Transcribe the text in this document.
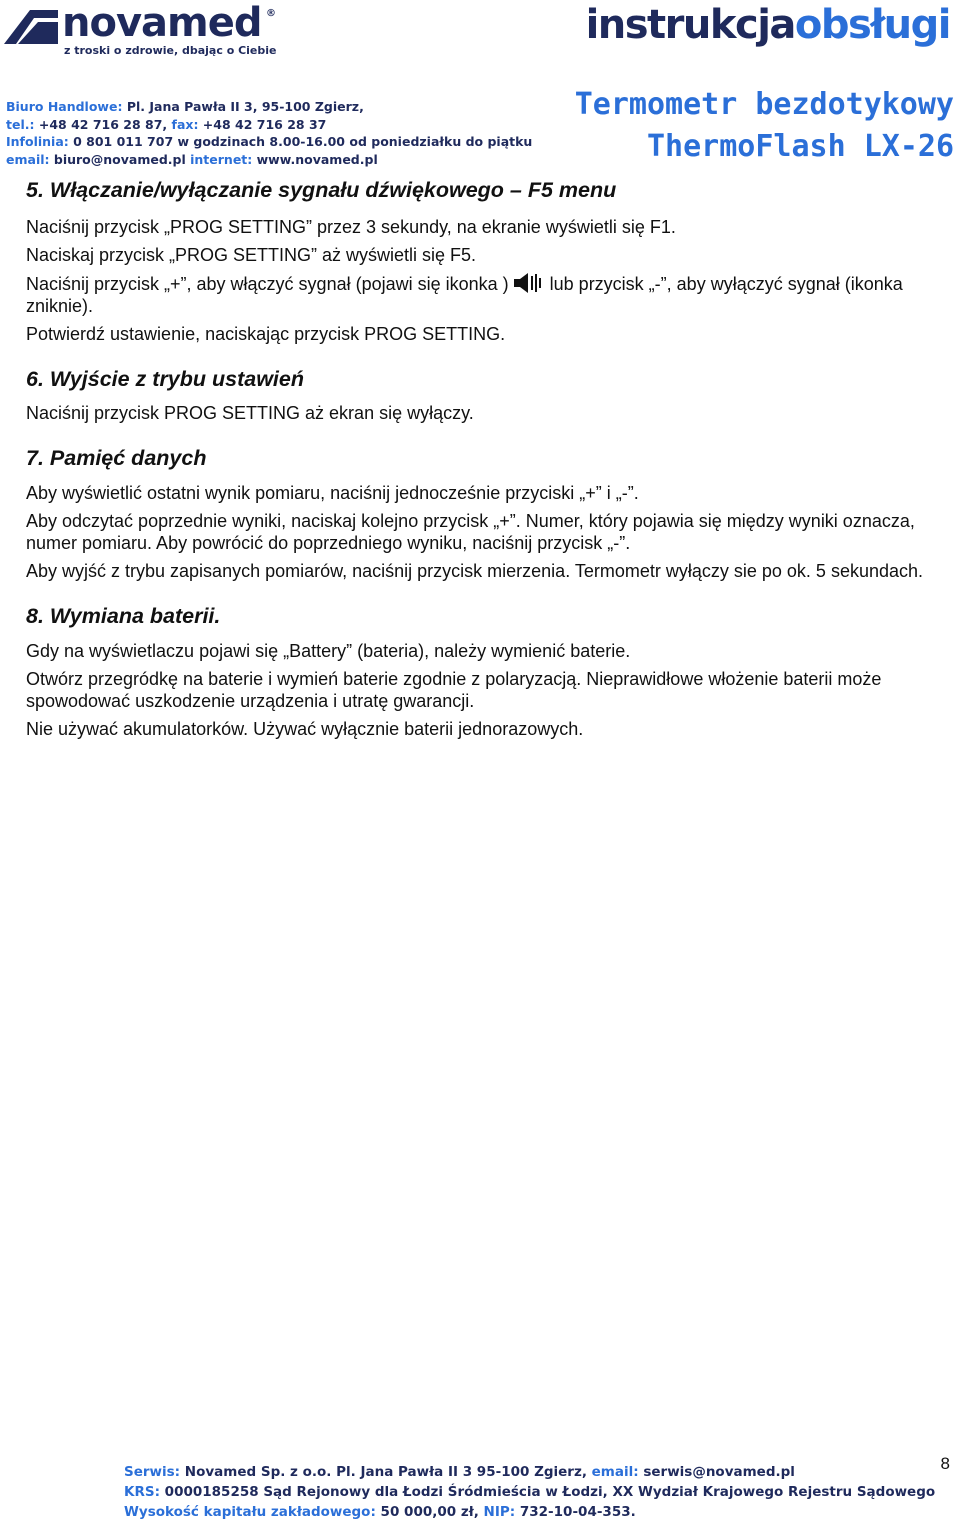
novamed ®
z troski o zdrowie, dbając o Ciebie
instrukcjaobsługi
Biuro Handlowe: Pl. Jana Pawła II 3, 95-100 Zgierz,
tel.: +48 42 716 28 87, fax: +48 42 716 28 37
Infolinia: 0 801 011 707 w godzinach 8.00-16.00 od poniedziałku do piątku
email: biuro@novamed.pl internet: www.novamed.pl
Termometr bezdotykowy
ThermoFlash LX-26
5. Włączanie/wyłączanie sygnału dźwiękowego – F5 menu

Naciśnij przycisk „PROG SETTING” przez 3 sekundy, na ekranie wyświetli się F1.

Naciskaj przycisk „PROG SETTING” aż wyświetli się F5.

Naciśnij przycisk „+”, aby włączyć sygnał (pojawi się ikonka ) lub przycisk „-”, aby wyłączyć sygnał (ikonka zniknie).

Potwierdź ustawienie, naciskając przycisk PROG SETTING.

6. Wyjście z trybu ustawień

Naciśnij przycisk PROG SETTING aż ekran się wyłączy.

7. Pamięć danych

Aby wyświetlić ostatni wynik pomiaru, naciśnij jednocześnie przyciski „+” i „-”.

Aby odczytać poprzednie wyniki, naciskaj kolejno przycisk „+”. Numer, który pojawia się między wyniki oznacza, numer pomiaru. Aby powrócić do poprzedniego wyniku, naciśnij przycisk „-”.

Aby wyjść z trybu zapisanych pomiarów, naciśnij przycisk mierzenia. Termometr wyłączy sie po ok. 5 sekundach.

8. Wymiana baterii.

Gdy na wyświetlaczu pojawi się „Battery” (bateria), należy wymienić baterie.

Otwórz przegródkę na baterie i wymień baterie zgodnie z polaryzacją. Nieprawidłowe włożenie baterii może spowodować uszkodzenie urządzenia i utratę gwarancji.

Nie używać akumulatorków. Używać wyłącznie baterii jednorazowych.

Serwis: Novamed Sp. z o.o. Pl. Jana Pawła II 3 95-100 Zgierz, email: serwis@novamed.pl
KRS: 0000185258 Sąd Rejonowy dla Łodzi Śródmieścia w Łodzi, XX Wydział Krajowego Rejestru Sądowego
Wysokość kapitału zakładowego: 50 000,00 zł, NIP: 732-10-04-353.
8
